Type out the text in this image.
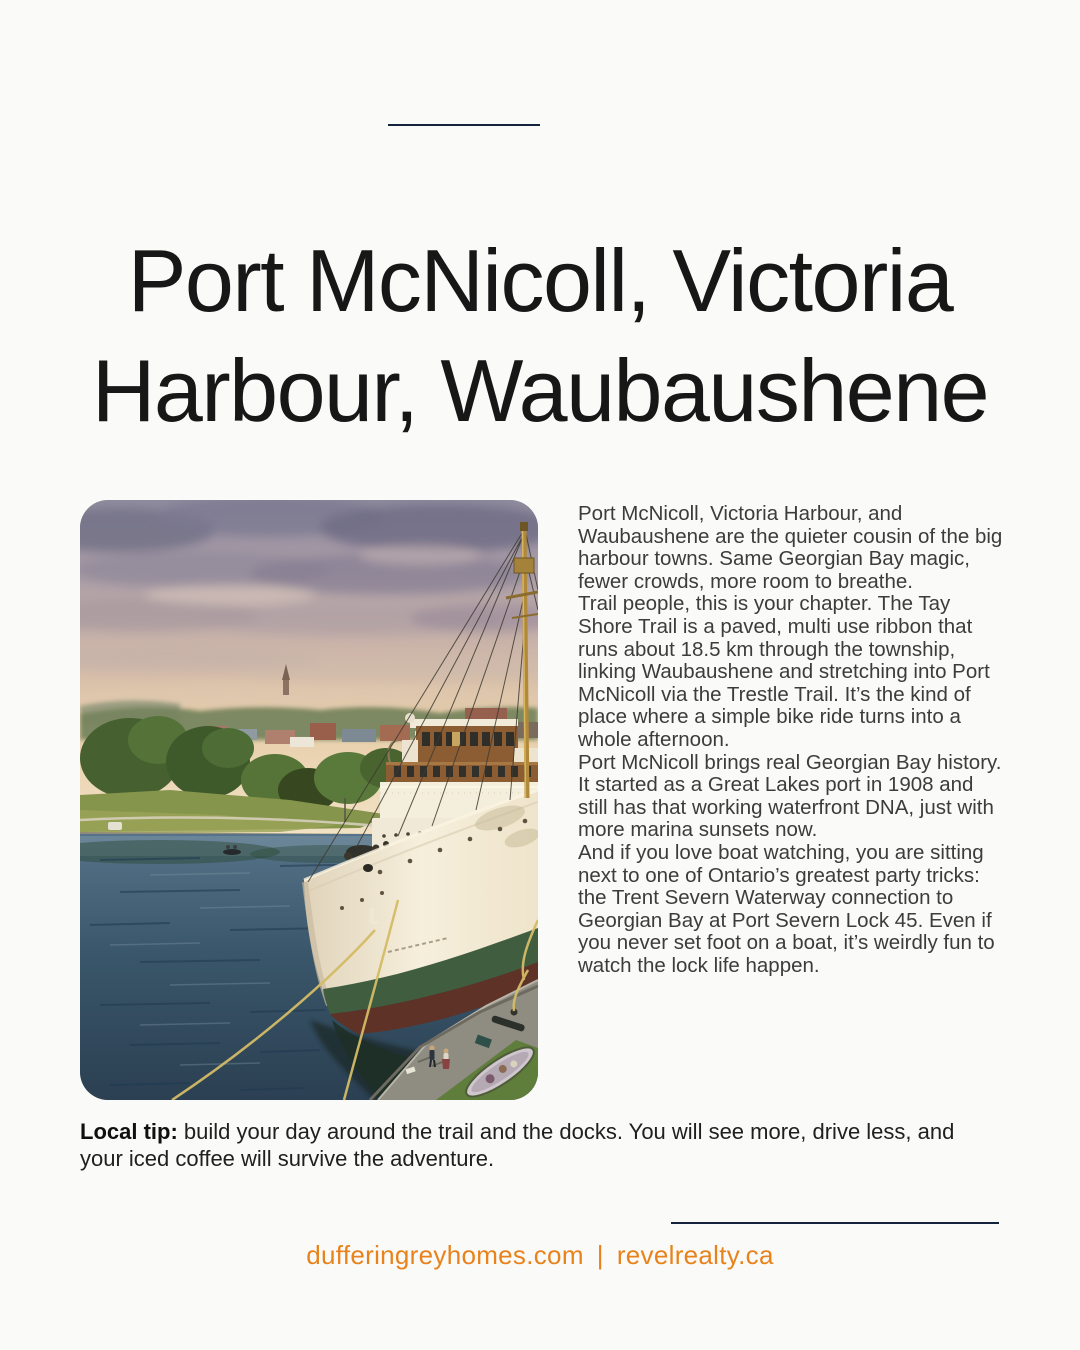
Port McNicoll, Victoria
Harbour, Waubaushene

Port McNicoll, Victoria Harbour, and Waubaushene are the quieter cousin of the big harbour towns. Same Georgian Bay magic, fewer crowds, more room to breathe.

Trail people, this is your chapter. The Tay Shore Trail is a paved, multi use ribbon that runs about 18.5 km through the township, linking Waubaushene and stretching into Port McNicoll via the Trestle Trail. It’s the kind of place where a simple bike ride turns into a whole afternoon.

Port McNicoll brings real Georgian Bay history. It started as a Great Lakes port in 1908 and still has that working waterfront DNA, just with more marina sunsets now.

And if you love boat watching, you are sitting next to one of Ontario’s greatest party tricks: the Trent Severn Waterway connection to Georgian Bay at Port Severn Lock 45. Even if you never set foot on a boat, it’s weirdly fun to watch the lock life happen.

Local tip: build your day around the trail and the docks. You will see more, drive less, and your iced coffee will survive the adventure.

dufferingreyhomes.com | revelrealty.ca
